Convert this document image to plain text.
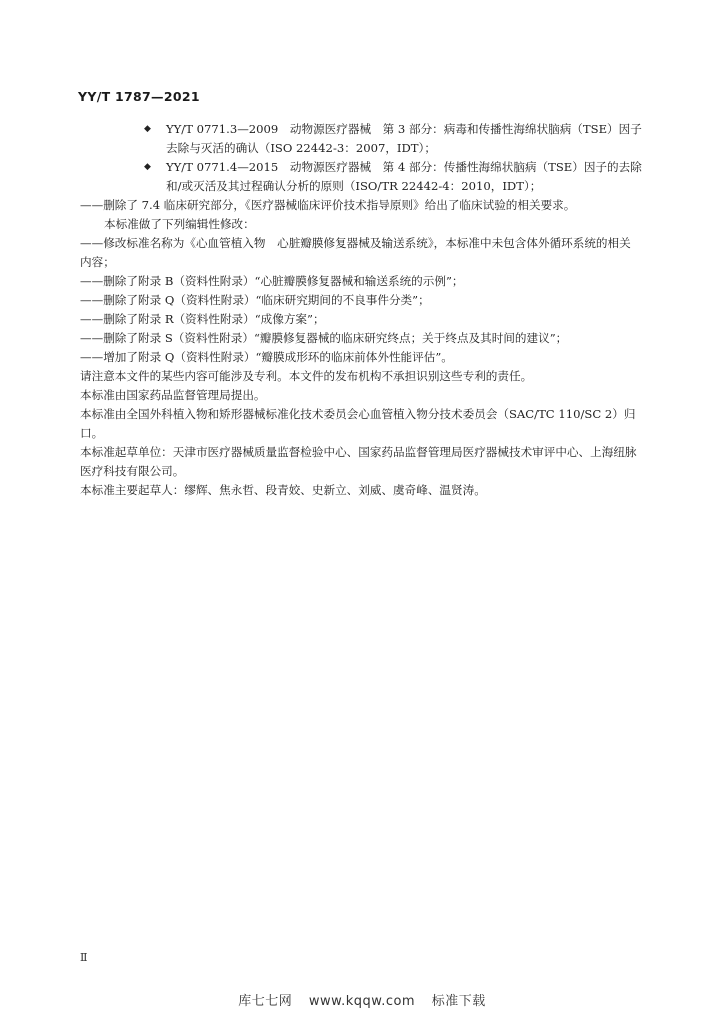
YY/T 1787—2021
◆	YY/T 0771.3—2009　动物源医疗器械　第 3 部分：病毒和传播性海绵状脑病（TSE）因子去除与灭活的确认（ISO 22442-3：2007，IDT）；
◆	YY/T 0771.4—2015　动物源医疗器械　第 4 部分：传播性海绵状脑病（TSE）因子的去除和/或灭活及其过程确认分析的原则（ISO/TR 22442-4：2010，IDT）；

——删除了 7.4 临床研究部分，《医疗器械临床评价技术指导原则》给出了临床试验的相关要求。

本标准做了下列编辑性修改：

——修改标准名称为《心血管植入物　心脏瓣膜修复器械及输送系统》，本标准中未包含体外循环系统的相关内容；

——删除了附录 B（资料性附录）“心脏瓣膜修复器械和输送系统的示例”；

——删除了附录 Q（资料性附录）“临床研究期间的不良事件分类”；

——删除了附录 R（资料性附录）“成像方案”；

——删除了附录 S（资料性附录）“瓣膜修复器械的临床研究终点；关于终点及其时间的建议”；

——增加了附录 Q（资料性附录）“瓣膜成形环的临床前体外性能评估”。

请注意本文件的某些内容可能涉及专利。本文件的发布机构不承担识别这些专利的责任。

本标准由国家药品监督管理局提出。

本标准由全国外科植入物和矫形器械标准化技术委员会心血管植入物分技术委员会（SAC/TC 110/SC 2）归口。

本标准起草单位：天津市医疗器械质量监督检验中心、国家药品监督管理局医疗器械技术审评中心、上海纽脉医疗科技有限公司。

本标准主要起草人：缪辉、焦永哲、段青姣、史新立、刘威、虞奇峰、温贤涛。

Ⅱ
库七七网 www.kqqw.com 标准下载
